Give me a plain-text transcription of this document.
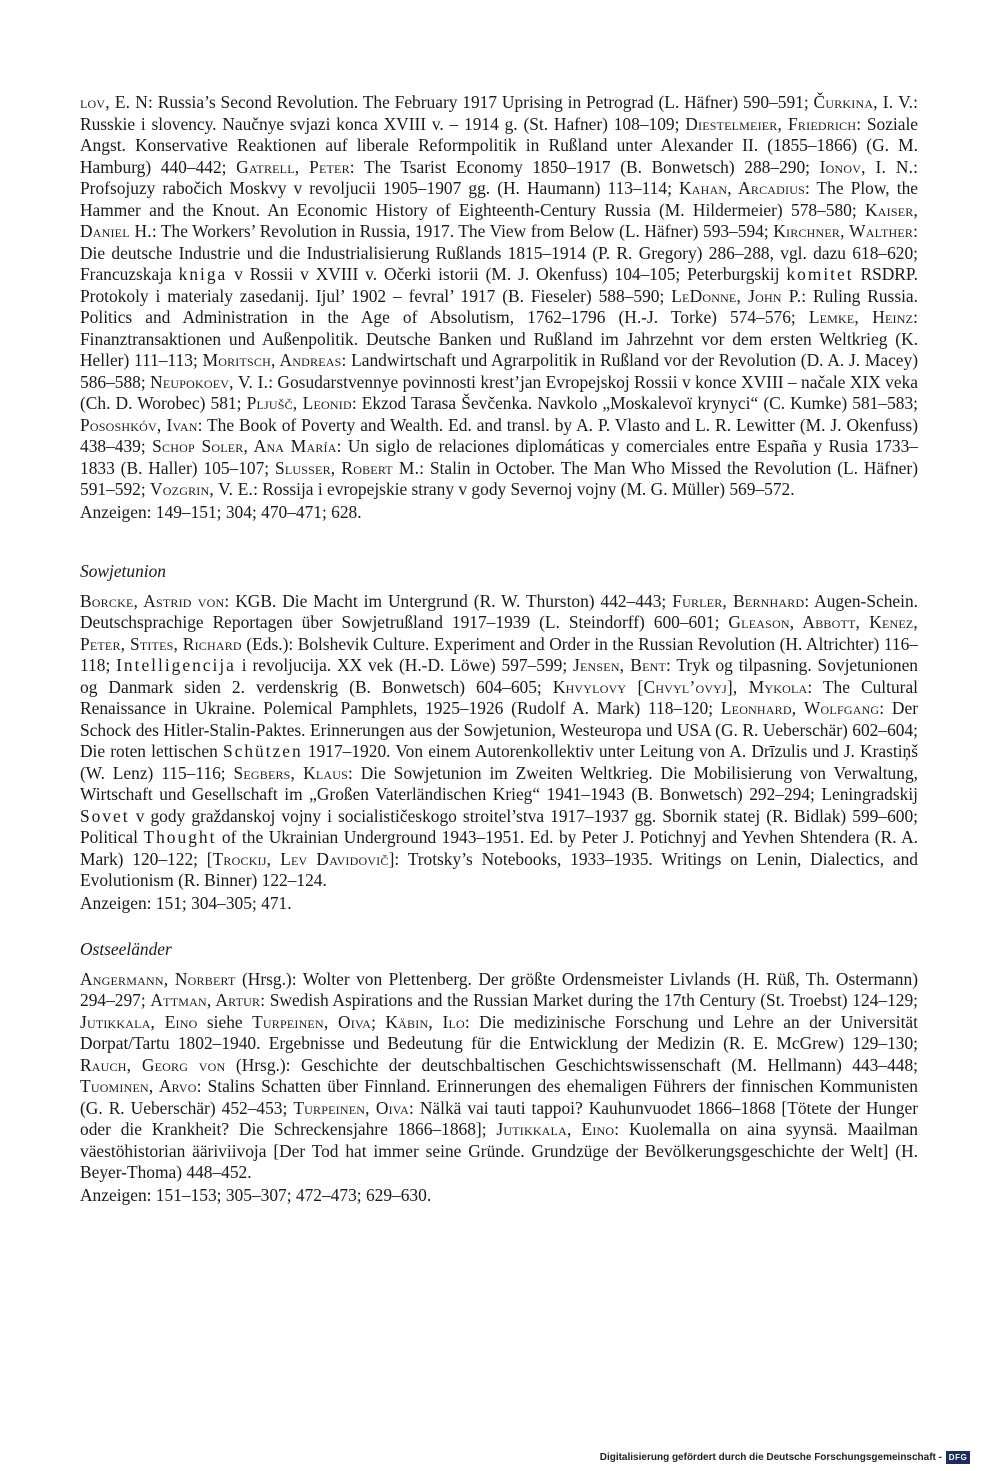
lov, E. N: Russia’s Second Revolution. The February 1917 Uprising in Petrograd (L. Häfner) 590–591; Čurkina, I. V.: Russkie i slovency. Naučnye svjazi konca XVIII v. – 1914 g. (St. Hafner) 108–109; Diestelmeier, Friedrich: Soziale Angst. Konservative Reaktionen auf liberale Reformpolitik in Rußland unter Alexander II. (1855–1866) (G. M. Hamburg) 440–442; Gatrell, Peter: The Tsarist Economy 1850–1917 (B. Bonwetsch) 288–290; Ionov, I. N.: Profsojuzy rabočich Moskvy v revoljucii 1905–1907 gg. (H. Haumann) 113–114; Kahan, Arcadius: The Plow, the Hammer and the Knout. An Economic History of Eighteenth-Century Russia (M. Hildermeier) 578–580; Kaiser, Daniel H.: The Workers’ Revolution in Russia, 1917. The View from Below (L. Häfner) 593–594; Kirchner, Walther: Die deutsche Industrie und die Industrialisierung Rußlands 1815–1914 (P. R. Gregory) 286–288, vgl. dazu 618–620; Francuzskaja kniga v Rossii v XVIII v. Očerki istorii (M. J. Okenfuss) 104–105; Peterburgskij komitet RSDRP. Protokoly i materialy zasedanij. Ijul’ 1902 – fevral’ 1917 (B. Fieseler) 588–590; LeDonne, John P.: Ruling Russia. Politics and Administration in the Age of Absolutism, 1762–1796 (H.-J. Torke) 574–576; Lemke, Heinz: Finanztransaktionen und Außenpolitik. Deutsche Banken und Rußland im Jahrzehnt vor dem ersten Weltkrieg (K. Heller) 111–113; Moritsch, Andreas: Landwirtschaft und Agrarpolitik in Rußland vor der Revolution (D. A. J. Macey) 586–588; Neupokoev, V. I.: Gosudarstvennye povinnosti krest’jan Evropejskoj Rossii v konce XVIII – načale XIX veka (Ch. D. Worobec) 581; Pljušč, Leonid: Ekzod Tarasa Ševčenka. Navkolo „Moskalevoï krynyci“ (C. Kumke) 581–583; Pososhkóv, Ivan: The Book of Poverty and Wealth. Ed. and transl. by A. P. Vlasto and L. R. Lewitter (M. J. Okenfuss) 438–439; Schop Soler, Ana María: Un siglo de relaciones diplomáticas y comerciales entre España y Rusia 1733–1833 (B. Haller) 105–107; Slusser, Robert M.: Stalin in October. The Man Who Missed the Revolution (L. Häfner) 591–592; Vozgrin, V. E.: Rossija i evropejskie strany v gody Severnoj vojny (M. G. Müller) 569–572.

Anzeigen: 149–151; 304; 470–471; 628.

Sowjetunion

Borcke, Astrid von: KGB. Die Macht im Untergrund (R. W. Thurston) 442–443; Furler, Bernhard: Augen-Schein. Deutschsprachige Reportagen über Sowjetrußland 1917–1939 (L. Steindorff) 600–601; Gleason, Abbott, Kenez, Peter, Stites, Richard (Eds.): Bolshevik Culture. Experiment and Order in the Russian Revolution (H. Altrichter) 116–118; Intelligencija i revoljucija. XX vek (H.-D. Löwe) 597–599; Jensen, Bent: Tryk og tilpasning. Sovjetunionen og Danmark siden 2. verdenskrig (B. Bonwetsch) 604–605; Khvylovy [Chvyl’ovyj], Mykola: The Cultural Renaissance in Ukraine. Polemical Pamphlets, 1925–1926 (Rudolf A. Mark) 118–120; Leonhard, Wolfgang: Der Schock des Hitler-Stalin-Paktes. Erinnerungen aus der Sowjetunion, Westeuropa und USA (G. R. Ueberschär) 602–604; Die roten lettischen Schützen 1917–1920. Von einem Autorenkollektiv unter Leitung von A. Drīzulis und J. Krastiņš (W. Lenz) 115–116; Segbers, Klaus: Die Sowjetunion im Zweiten Weltkrieg. Die Mobilisierung von Verwaltung, Wirtschaft und Gesellschaft im „Großen Vaterländischen Krieg“ 1941–1943 (B. Bonwetsch) 292–294; Leningradskij Sovet v gody graždanskoj vojny i socialističeskogo stroitel’stva 1917–1937 gg. Sbornik statej (R. Bidlak) 599–600; Political Thought of the Ukrainian Underground 1943–1951. Ed. by Peter J. Potichnyj and Yevhen Shtendera (R. A. Mark) 120–122; [Trockij, Lev Davidovič]: Trotsky’s Notebooks, 1933–1935. Writings on Lenin, Dialectics, and Evolutionism (R. Binner) 122–124.

Anzeigen: 151; 304–305; 471.

Ostseeländer

Angermann, Norbert (Hrsg.): Wolter von Plettenberg. Der größte Ordensmeister Livlands (H. Rüß, Th. Ostermann) 294–297; Attman, Artur: Swedish Aspirations and the Russian Market during the 17th Century (St. Troebst) 124–129; Jutikkala, Eino siehe Turpeinen, Oiva; Käbin, Ilo: Die medizinische Forschung und Lehre an der Universität Dorpat/Tartu 1802–1940. Ergebnisse und Bedeutung für die Entwicklung der Medizin (R. E. McGrew) 129–130; Rauch, Georg von (Hrsg.): Geschichte der deutschbaltischen Geschichtswissenschaft (M. Hellmann) 443–448; Tuominen, Arvo: Stalins Schatten über Finnland. Erinnerungen des ehemaligen Führers der finnischen Kommunisten (G. R. Ueberschär) 452–453; Turpeinen, Oiva: Nälkä vai tauti tappoi? Kauhunvuodet 1866–1868 [Tötete der Hunger oder die Krankheit? Die Schreckensjahre 1866–1868]; Jutikkala, Eino: Kuolemalla on aina syynsä. Maailman väestöhistorian ääriviivoja [Der Tod hat immer seine Gründe. Grundzüge der Bevölkerungsgeschichte der Welt] (H. Beyer-Thoma) 448–452.

Anzeigen: 151–153; 305–307; 472–473; 629–630.

Digitalisierung gefördert durch die Deutsche Forschungsgemeinschaft - DFG
